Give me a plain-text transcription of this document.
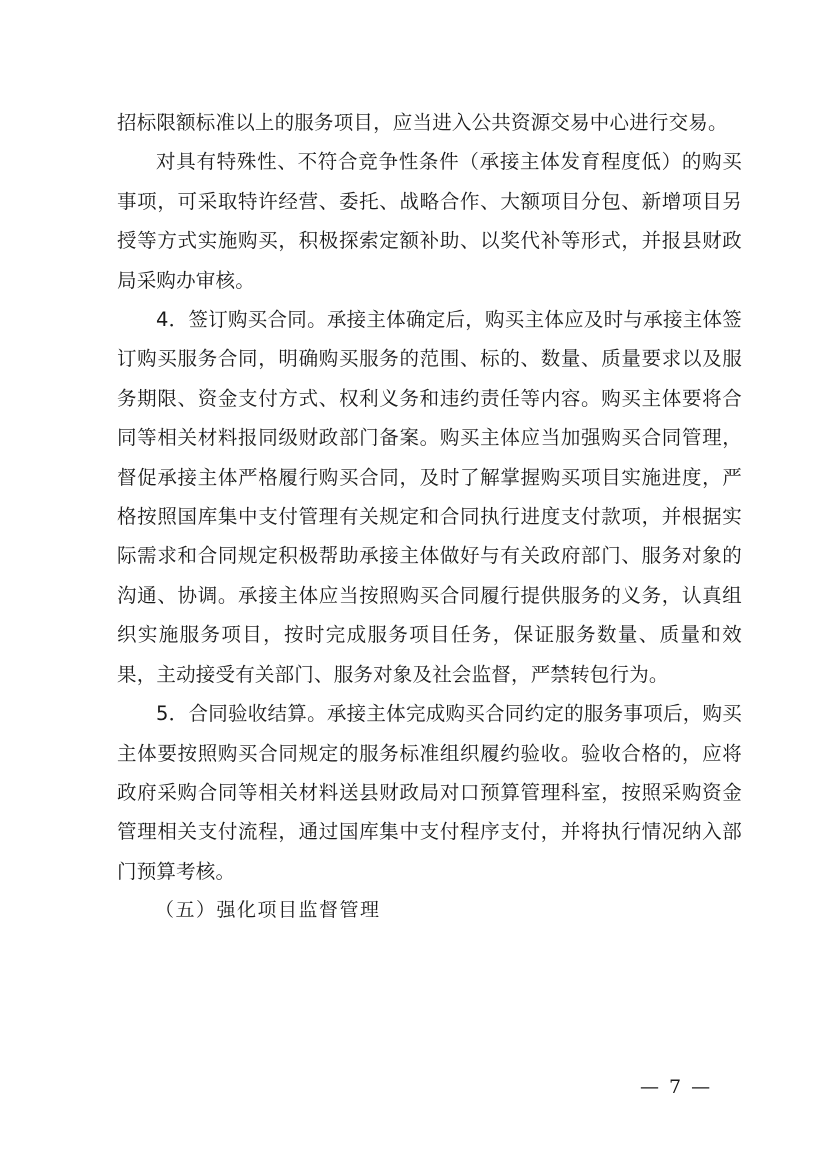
招标限额标准以上的服务项目，应当进入公共资源交易中心进行交易。

对具有特殊性、不符合竞争性条件（承接主体发育程度低）的购买事项，可采取特许经营、委托、战略合作、大额项目分包、新增项目另授等方式实施购买，积极探索定额补助、以奖代补等形式，并报县财政局采购办审核。

4．签订购买合同。承接主体确定后，购买主体应及时与承接主体签订购买服务合同，明确购买服务的范围、标的、数量、质量要求以及服务期限、资金支付方式、权利义务和违约责任等内容。购买主体要将合同等相关材料报同级财政部门备案。购买主体应当加强购买合同管理，督促承接主体严格履行购买合同，及时了解掌握购买项目实施进度，严格按照国库集中支付管理有关规定和合同执行进度支付款项，并根据实际需求和合同规定积极帮助承接主体做好与有关政府部门、服务对象的沟通、协调。承接主体应当按照购买合同履行提供服务的义务，认真组织实施服务项目，按时完成服务项目任务，保证服务数量、质量和效果，主动接受有关部门、服务对象及社会监督，严禁转包行为。

5．合同验收结算。承接主体完成购买合同约定的服务事项后，购买主体要按照购买合同规定的服务标准组织履约验收。验收合格的，应将政府采购合同等相关材料送县财政局对口预算管理科室，按照采购资金管理相关支付流程，通过国库集中支付程序支付，并将执行情况纳入部门预算考核。

（五）强化项目监督管理

— 7 —
